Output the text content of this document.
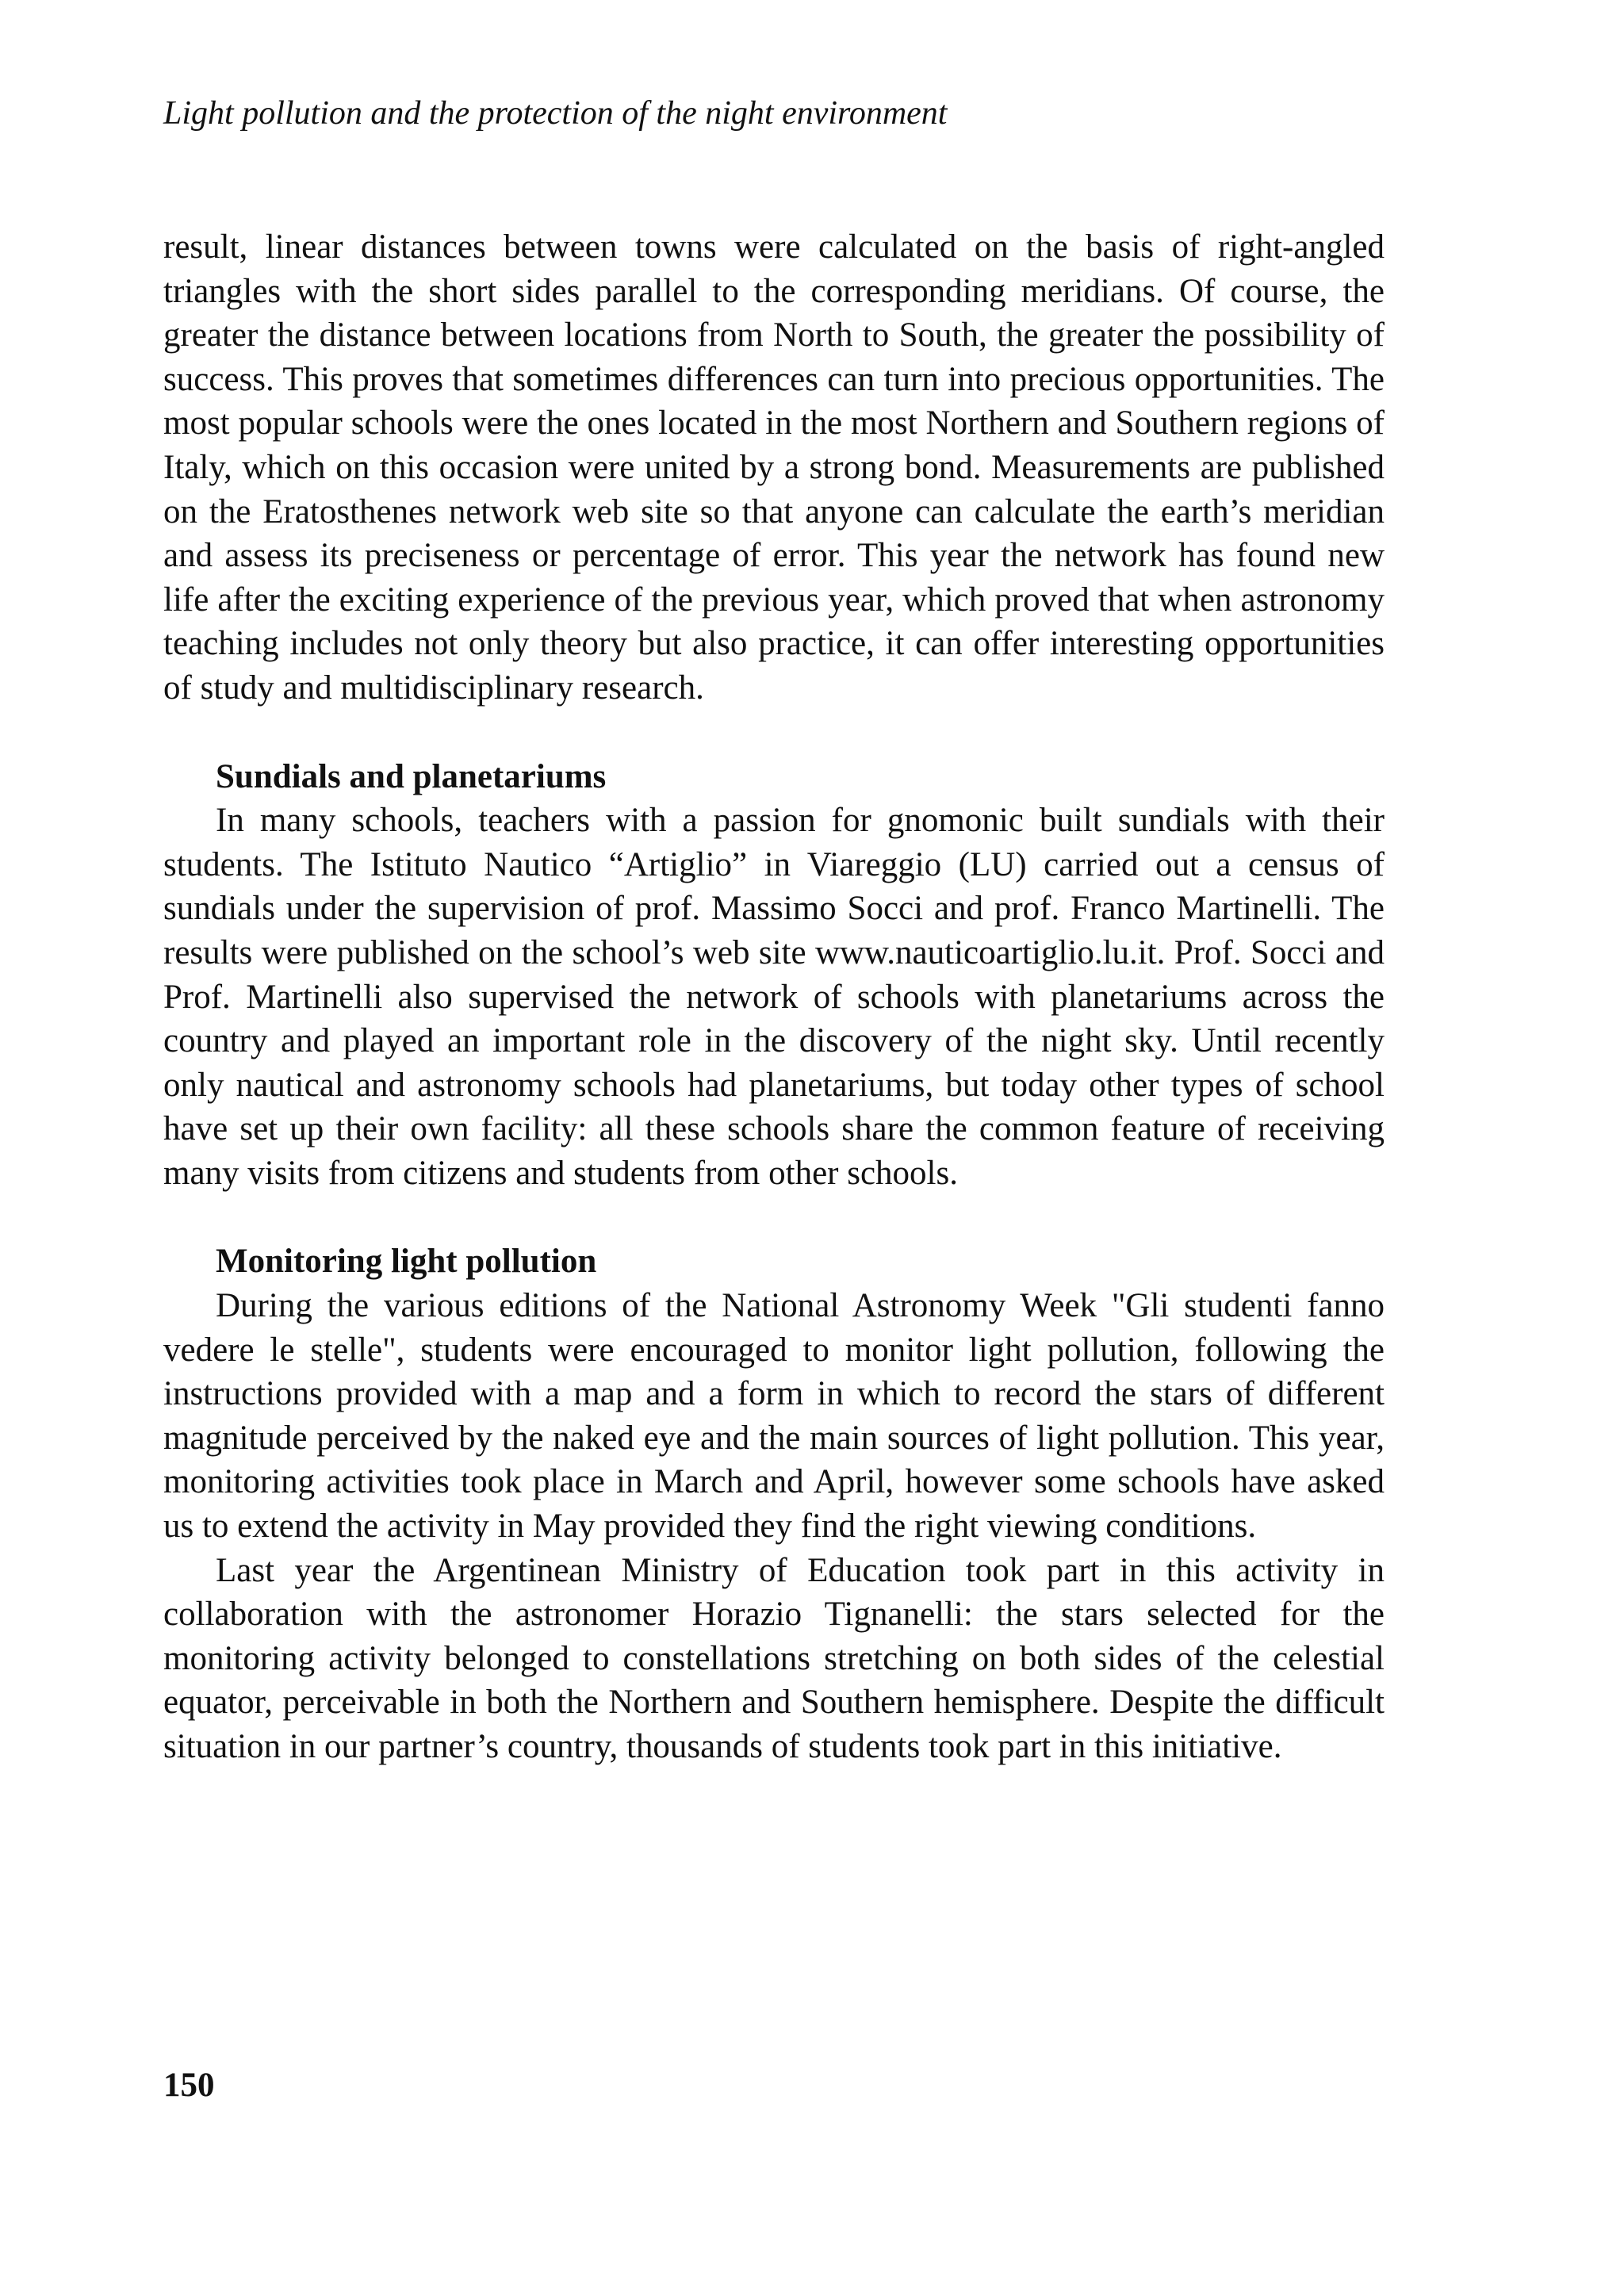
Light pollution and the protection of the night environment

result, linear distances between towns were calculated on the basis of right-angled triangles with the short sides parallel to the corresponding meridians. Of course, the greater the distance between locations from North to South, the greater the possibility of success. This proves that sometimes differences can turn into precious opportunities. The most popular schools were the ones located in the most Northern and Southern regions of Italy, which on this occasion were united by a strong bond. Measurements are published on the Eratosthenes network web site so that anyone can calculate the earth’s meridian and assess its preciseness or percentage of error. This year the network has found new life after the exciting experience of the previous year, which proved that when astronomy teaching includes not only theory but also practice, it can offer interesting opportunities of study and multidisciplinary research.

Sundials and planetariums

In many schools, teachers with a passion for gnomonic built sundials with their students. The Istituto Nautico “Artiglio” in Viareggio (LU) carried out a census of sundials under the supervision of prof. Massimo Socci and prof. Franco Martinelli. The results were published on the school’s web site www.nauticoartiglio.lu.it. Prof. Socci and Prof. Martinelli also supervised the network of schools with planetariums across the country and played an important role in the discovery of the night sky. Until recently only nautical and astronomy schools had planetariums, but today other types of school have set up their own facility: all these schools share the common feature of receiving many visits from citizens and students from other schools.

Monitoring light pollution

During the various editions of the National Astronomy Week "Gli studenti fanno vedere le stelle", students were encouraged to monitor light pollution, following the instructions provided with a map and a form in which to record the stars of different magnitude perceived by the naked eye and the main sources of light pollution. This year, monitoring activities took place in March and April, however some schools have asked us to extend the activity in May provided they find the right viewing conditions.

Last year the Argentinean Ministry of Education took part in this activity in collaboration with the astronomer Horazio Tignanelli: the stars selected for the monitoring activity belonged to constellations stretching on both sides of the celestial equator, perceivable in both the Northern and Southern hemisphere. Despite the difficult situation in our partner’s country, thousands of students took part in this initiative.

150
